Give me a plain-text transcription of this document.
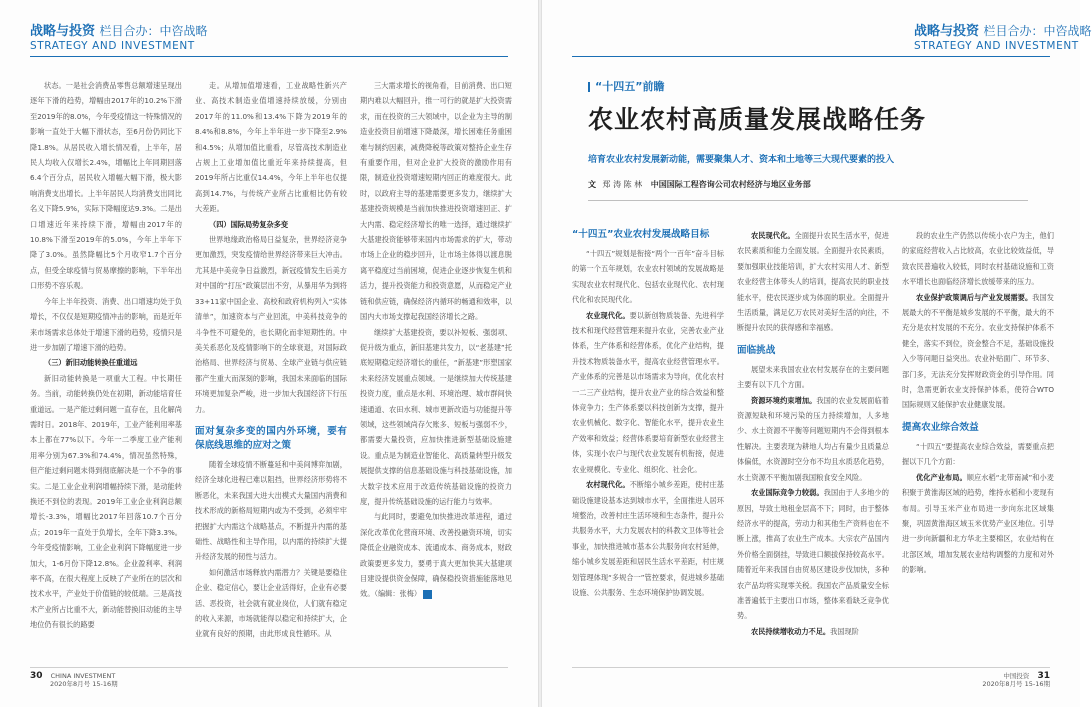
战略与投资 栏目合办：中咨战略
STRATEGY AND INVESTMENT

状态。一是社会消费品零售总额增速呈现出逐年下滑的趋势，增幅由2017年的10.2%下滑至2019年的8.0%，今年受疫情这一特殊情况的影响一直处于大幅下滑状态，至6月份仍同比下降1.8%。从居民收入增长情况看，上半年，居民人均收入仅增长2.4%，增幅比上年同期回落6.4个百分点，居民收入增幅大幅下滑，极大影响消费支出增长。上半年居民人均消费支出同比名义下降5.9%，实际下降幅度达9.3%。二是出口增速近年来持续下滑，增幅由2017年的10.8%下滑至2019年的5.0%，今年上半年下降了3.0%。虽然降幅比5个月收窄1.7个百分点，但受全球疫情与贸易摩擦的影响，下半年出口形势不容乐观。

今年上半年投资、消费、出口增速均处于负增长，不仅仅是短期疫情冲击的影响，而是近年来市场需求总体处于增速下滑的趋势，疫情只是进一步加剧了增速下滑的趋势。

（三）新旧动能转换任重道远

新旧动能转换是一项重大工程。中长期任务。当前，动能转换仍处在初期，新动能培育任重道远。一是产能过剩问题一直存在，且化解尚需时日。2018年、2019年，工业产能利用率基本上都在77%以下。今年一二季度工业产能利用率分别为67.3%和74.4%，情况虽然特殊，但产能过剩问题未得到彻底解决是一个不争的事实。二是工业企业利润增幅持续下滑，是动能转换还不到位的表现。2019年工业企业利润总额增长-3.3%，增幅比2017年回落10.7个百分点；2019年一直处于负增长，全年下降3.3%。今年受疫情影响，工业企业利润下降幅度进一步加大，1-6月份下降12.8%。企业盈利率、利润率不高，在很大程度上反映了产业所在的层次和技术水平，产业处于价值链的较低端。三是高技术产业所占比重不大，新动能替换旧动能的主导地位仍有很长的路要

走。从增加值增速看，工业战略性新兴产业、高技术制造业值增速持续放缓，分别由2017年的11.0%和13.4%下降为2019年的8.4%和8.8%，今年上半年进一步下降至2.9%和4.5%；从增加值比重看，尽管高技术制造业占规上工业增加值比重近年来持续提高，但2019年所占比重仅14.4%，今年上半年也仅提高到14.7%，与传统产业所占比重相比仍有较大差距。

（四）国际局势复杂多变

世界地缘政治格局日益复杂，世界经济竞争更加激烈，突发疫情给世界经济带来巨大冲击。尤其是中美竞争日益激烈，新冠疫情发生后美方对中国的“打压”政策层出不穷，从暴用华为到将33+11家中国企业、高校和政府机构列入“实体清单”，加速资本与产业回流，中美科技竞争的斗争性不可避免的，也长期化而非短期性的。中美关系恶化及疫情影响下的全球衰退，对国际政治格局、世界经济与贸易、全球产业链与供应链都产生重大而深刻的影响，我国未来面临的国际环境更加复杂严峻，进一步加大我国经济下行压力。

面对复杂多变的国内外环境，要有保底线思维的应对之策

随着全球疫情不断蔓延和中美间博弈加剧，经济全球化进程已难以阻挡，世界经济形势将不断恶化，未来我国大进大出模式大量国内消费和技术形成的新格局短期内或为不受到，必须牢牢把握扩大内需这个战略基点，不断提升内需的基础性、战略性和主导作用，以内需的持续扩大提升经济发展的韧性与活力。

如何激活市场释放内需潜力？关键是要稳住企业、稳定信心，要让企业活得好，企业有必要活、恶投资，社会就有就业岗位，人们就有稳定的收入来源，市场就能得以稳定和持续扩大，企业就有良好的预期，由此形成良性循环。从

三大需求增长的视角看，目前消费、出口短期内难以大幅回升，推一可行的就是扩大投资需求，而在投资的三大领域中，以企业为主导的制造业投资目前增速下降最深，增长困难任务重困难与制约因素，减费降税等政策对整持企业生存有重要作用，但对企业扩大投资的激励作用有限，制造业投资增速短期内回正的难度很大。此时，以政府主导的基建需要更多发力，继续扩大基建投资规模是当前加快推进投资增速回正、扩大内需、稳定经济增长的唯一选择，通过继续扩大基建投资能够带来国内市场需求的扩大，带动市场上企业的稳步回升，让市场主体得以渡息脱离平稳度过当前困境，促进企业逐步恢复生机和活力，提升投资能力和投资意愿，从而稳定产业链和供应链，确保经济内循环的畅通和效率，以国内大市场支撑起我国经济增长之路。

继续扩大基建投资，要以补短板、强弱项、促升级为重点，新旧基建共发力，以“老基建”托底短期稳定经济增长的重任，“新基建”形塑国家未来经济发展重点领域。一是继续加大传统基建投资力度，重点是水利、环境治理、城市群间快速通道、农田水利、城市更新改造与功能提升等领域，这些领域尚存欠账多、短板与强弱不少，都需要大量投资，应加快推进新型基础设施建设。重点是为制造业智能化、高质量转型升级发展提供支撑的信息基础设施与科技基础设施，加大数字技术应用于改造传统基础设施的投资力度，提升传统基础设施的运行能力与效率。

与此同时，要避免加快推进改革进程，通过深化改革优化营商环境、改善投融资环境，切实降低企业融资成本、流通成本、商务成本，财政政策要更多发力，要勇于真大更加快其大基建项目建设提供资金保障，确保稳投资措施能落地见效。（编辑：张梅）

30 CHINA INVESTMENT
2020年8月号 15-16期
战略与投资 栏目合办：中咨战略
STRATEGY AND INVESTMENT
“十四五”前瞻
农业农村高质量发展战略任务
培育农业农村发展新动能，需要聚集人才、资本和土地等三大现代要素的投入
文 郑 涛 陈 林 中国国际工程咨询公司农村经济与地区业务部

“十四五”农业农村发展战略目标

“十四五”规划是衔接“两个一百年”奋斗目标的第一个五年规划，农业农村领域的发展战略是实现农业农村现代化、包括农业现代化、农村现代化和农民现代化。

农业现代化。要以新创物质装备、先进科学技术和现代经营管理来提升农业，完善农业产业体系，生产体系和经营体系，优化产业结构，提升技术物质装备水平，提高农业经营管理水平。产业体系的完善是以市场需求为导向，优化农村一二三产业结构，提升农业产业的综合效益和整体竞争力；生产体系要以科技创新为支撑，提升农业机械化、数字化、智能化水平，提升农业生产效率和效益；经营体系要培育新型农业经营主体，实现小农户与现代农业发展有机衔接，促进农业规模化、专业化、组织化、社会化。

农村现代化。不断缩小城乡差距，使村庄基础设施建设基本达到城市水平，全面推进人居环境整治，改善村庄生活环境和生态条件，提升公共服务水平，大力发展农村的科教文卫体等社会事业，加快推进城市基本公共服务向农村延伸，缩小城乡发展差距和居民生活水平差距，村庄规划管理体现“多规合一”管控要求，促进城乡基础设施、公共服务、生态环境保护协调发展。

农民现代化。全面提升农民生活水平，促进农民素质和能力全面发展。全面提升农民素质，要加强职业技能培训，扩大农村实用人才、新型农业经营主体带头人的培训，提高农民的职业技能水平，使农民逐步成为体面的职业。全面提升生活质量，满足亿万农民对美好生活的向往，不断提升农民的获得感和幸福感。

面临挑战

展望未来我国农业农村发展存在的主要问题主要有以下几个方面。

资源环境约束增加。我国的农业发展面临着资源短缺和环境污染的压力持续增加，人多地少、水土资源不平衡等问题短期内不会得到根本性解决。主要表现为耕地人均占有量少且质量总体偏低，水资源时空分布不均且水质恶化趋势，水土资源不平衡加剧我国粮食安全风险。

农业国际竞争力较弱。我国由于人多地少的原因，导致土地租金层高不下；同时，由于整体经济水平的提高，劳动力和其他生产资料也在不断上涨，推高了农业生产成本。大宗农产品国内外价格全面倒挂，导致进口额拔保持较高水平。随着近年来我国自由贸易区建设步伐加快，多种农产品均将实现零关税。我国农产品质量安全标准普遍低于主要出口市场，整体来看缺乏竞争优势。

农民持续增收动力不足。我国现阶

段的农业生产仍然以传统小农户为主，他们的家庭经营收入占比较高，农业比较效益低，导致农民普遍收入较低，同时农村基础设施和工资水平增长也面临经济增长放缓带来的压力。

农业保护政策调后与产业发展需要。我国发展最大的不平衡是城乡发展的不平衡，最大的不充分是农村发展的不充分。农业支持保护体系不健全，落实不到位，资金整合不足，基础设施投入少等问题日益突出。农业补贴面广、环节多、部门多，无法充分发挥财政资金的引导作用。同时，急需更新农业支持保护体系，使符合WTO国际规则又能保护农业健康发展。

提高农业综合效益

“十四五”要提高农业综合效益，需要重点把握以下几个方面：

优化产业布局。顺应水稻“北带南减”和小麦积聚于黄淮海区域的趋势，维持水稻和小麦现有布局。引导玉米产业布局进一步向东北区域集聚，巩固黄淮海区域玉米优势产业区地位。引导进一步向新疆和北方华北主要棉区，农业结构在北部区域，增加发展农业结构调整的力度和对外的影响。

中国投资 31
2020年8月号 15-16期
